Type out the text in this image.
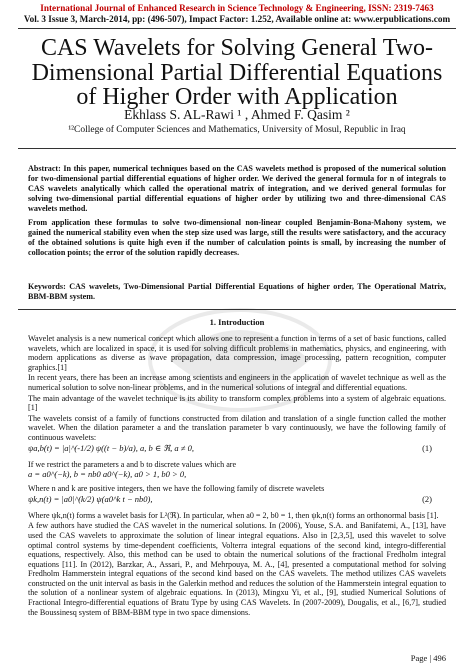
International Journal of Enhanced Research in Science Technology & Engineering, ISSN: 2319-7463
Vol. 3 Issue 3, March-2014, pp: (496-507), Impact Factor: 1.252, Available online at: www.erpublications.com
CAS Wavelets for Solving General Two-Dimensional Partial Differential Equations of Higher Order with Application
Ekhlass S. AL-Rawi ¹ , Ahmed F. Qasim ²
¹²College of Computer Sciences and Mathematics, University of Mosul, Republic in Iraq

Abstract: In this paper, numerical techniques based on the CAS wavelets method is proposed of the numerical solution for two-dimensional partial differential equations of higher order. We derived the general formula for n of integrals to CAS wavelets analytically which called the operational matrix of integration, and we derived general formulas for solving two-dimensional partial differential equations of higher order by utilizing two and three-dimensional CAS wavelets method.

From application these formulas to solve two-dimensional non-linear coupled Benjamin-Bona-Mahony system, we gained the numerical stability even when the step size used was large, still the results were satisfactory, and the accuracy of the obtained solutions is quite high even if the number of calculation points is small, by increasing the number of collocation points; the error of the solution rapidly decreases.

Keywords: CAS wavelets, Two-Dimensional Partial Differential Equations of higher order, The Operational Matrix, BBM-BBM system.
1. Introduction

Wavelet analysis is a new numerical concept which allows one to represent a function in terms of a set of basic functions, called wavelets, which are localized in space, it is used for solving difficult problems in mathematics, physics, and engineering, with modern applications as diverse as wave propagation, data compression, image processing, pattern recognition, computer graphics.[1]

In recent years, there has been an increase among scientists and engineers in the application of wavelet technique as well as the numerical solution to solve non-linear problems, and in the numerical solutions of integral and differential equations.

The main advantage of the wavelet technique is its ability to transform complex problems into a system of algebraic equations.[1]

The wavelets consist of a family of functions constructed from dilation and translation of a single function called the mother wavelet. When the dilation parameter a and the translation parameter b vary continuously, we have the following family of continuous wavelets:

ψa,b(t) = |a|^(-1/2) ψ((t − b)/a), a, b ∈ ℜ, a ≠ 0,	(1)

If we restrict the parameters a and b to discrete values which are

a = a0^(−k), b = nb0 a0^(−k), a0 > 1, b0 > 0,

Where n and k are positive integers, then we have the following family of discrete wavelets

ψk,n(t) = |a0|^(k/2) ψ(a0^k t − nb0),	(2)

Where ψk,n(t) forms a wavelet basis for L²(ℜ). In particular, when a0 = 2, b0 = 1, then ψk,n(t) forms an orthonormal basis [1].

A few authors have studied the CAS wavelet in the numerical solutions. In (2006), Youse, S.A. and Banifatemi, A., [13], have used the CAS wavelets to approximate the solution of linear integral equations. Also in [2,3,5], used this wavelet to solve optimal control systems by time-dependent coefficients, Volterra integral equations of the second kind, integro-differential equations, respectively. Also, this method can be used to obtain the numerical solutions of the fractional Fredholm integral equations [11]. In (2012), Barzkar, A., Assari, P., and Mehrpouya, M. A., [4], presented a computational method for solving Fredholm Hammerstein integral equations of the second kind based on the CAS wavelets. The method utilizes CAS wavelets constructed on the unit interval as basis in the Galerkin method and reduces the solution of the Hammerstein integral equation to the solution of a nonlinear system of algebraic equations. In (2013), Mingxu Yi, et al., [9], studied Numerical Solutions of Fractional Integro-differential equations of Bratu Type by using CAS Wavelets. In (2007-2009), Dougalis, et al., [6,7], studied the Boussinesq system of BBM-BBM type in two space dimensions.

Page | 496
